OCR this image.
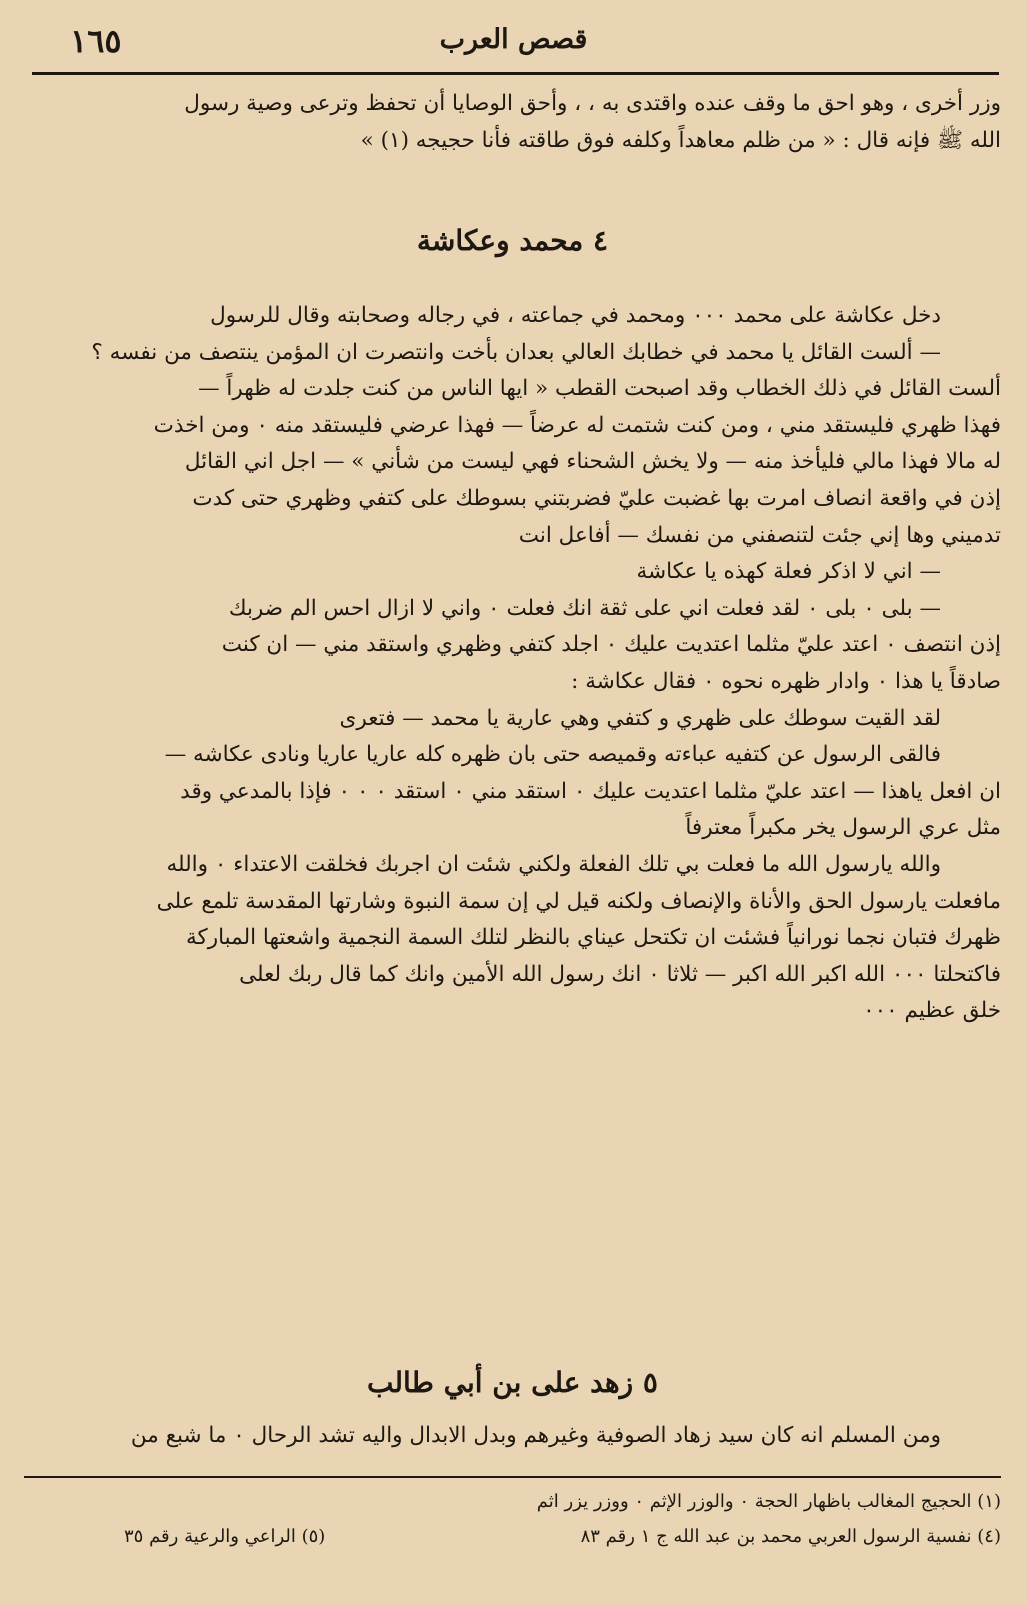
١٦٥	قصص العرب

وزر أخرى ، وهو احق ما وقف عنده واقتدى به ، ، وأحق الوصايا أن تحفظ وترعى وصية رسول
الله ﷺ فإنه قال : « من ظلم معاهداً وكلفه فوق طاقته فأنا حجيجه (١) »

٤ محمد وعكاشة

دخل عكاشة على محمد ٠٠٠ ومحمد في جماعته ، في رجاله وصحابته وقال للرسول
— ألست القائل يا محمد في خطابك العالي بعدان بأخت وانتصرت ان المؤمن ينتصف من نفسه ؟
ألست القائل في ذلك الخطاب وقد اصبحت القطب « ايها الناس من كنت جلدت له ظهراً —
فهذا ظهري فليستقد مني ، ومن كنت شتمت له عرضاً — فهذا عرضي فليستقد منه ٠ ومن اخذت
له مالا فهذا مالي فليأخذ منه — ولا يخش الشحناء فهي ليست من شأني » — اجل اني القائل
إذن في واقعة انصاف امرت بها غضبت عليّ فضربتني بسوطك على كتفي وظهري حتى كدت
تدميني وها إني جئت لتنصفني من نفسك — أفاعل انت
— اني لا اذكر فعلة كهذه يا عكاشة
— بلى ٠ بلى ٠ لقد فعلت اني على ثقة انك فعلت ٠ واني لا ازال احس الم ضربك
إذن انتصف ٠ اعتد عليّ مثلما اعتديت عليك ٠ اجلد كتفي وظهري واستقد مني — ان كنت
صادقاً يا هذا ٠ وادار ظهره نحوه ٠ فقال عكاشة :
لقد القيت سوطك على ظهري و كتفي وهي عارية يا محمد — فتعرى
فالقى الرسول عن كتفيه عباءته وقميصه حتى بان ظهره كله عاريا عاريا ونادى عكاشه —
ان افعل ياهذا — اعتد عليّ مثلما اعتديت عليك ٠ استقد مني ٠ استقد ٠ ٠ ٠ فإذا بالمدعي وقد
مثل عري الرسول يخر مكبراً معترفاً
والله يارسول الله ما فعلت بي تلك الفعلة ولكني شئت ان اجربك فخلقت الاعتداء ٠ والله
مافعلت يارسول الحق والأناة والإنصاف ولكنه قيل لي إن سمة النبوة وشارتها المقدسة تلمع على
ظهرك فتبان نجما نورانياً فشئت ان تكتحل عيناي بالنظر لتلك السمة النجمية واشعتها المباركة
فاكتحلتا ٠٠٠ الله اكبر الله اكبر — ثلاثا ٠ انك رسول الله الأمين وانك كما قال ربك لعلى
خلق عظيم ٠٠٠

٥ زهد على بن أبي طالب

ومن المسلم انه كان سيد زهاد الصوفية وغيرهم وبدل الابدال واليه تشد الرحال ٠ ما شبع من

(١) الحجيج المغالب باظهار الحجة ٠ والوزر الإثم ٠ ووزر يزر اثم
(٤) نفسية الرسول العربي محمد بن عبد الله ج ١ رقم ٨٣
(٥) الراعي والرعية رقم ٣٥
